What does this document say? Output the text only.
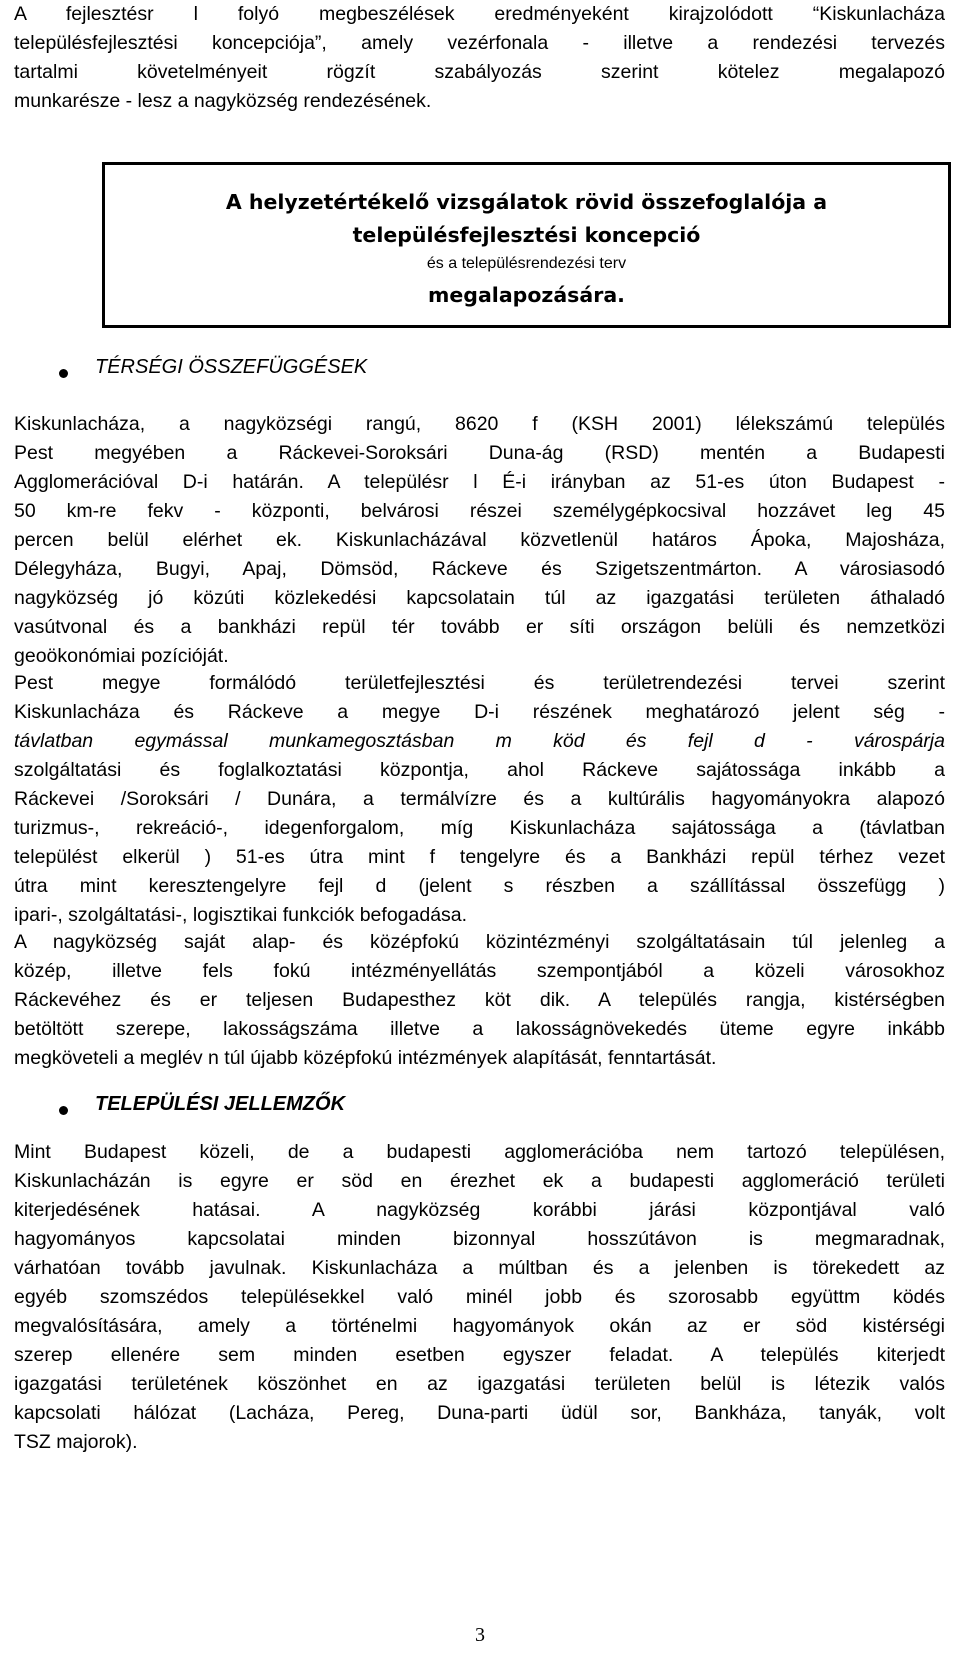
A fejlesztésr l folyó megbeszélések eredményeként kirajzolódott “Kiskunlacháza
településfejlesztési koncepciója”, amely vezérfonala - illetve a rendezési tervezés
tartalmi követelményeit rögzít szabályozás szerint kötelez megalapozó
munkarésze - lesz a nagyközség rendezésének.
A helyzetértékelő vizsgálatok rövid összefoglalója a
településfejlesztési koncepció
és a településrendezési terv
megalapozására.
TÉRSÉGI ÖSSZEFÜGGÉSEK
Kiskunlacháza, a nagyközségi rangú, 8620 f (KSH 2001) lélekszámú település
Pest megyében a Ráckevei-Soroksári Duna-ág (RSD) mentén a Budapesti
Agglomerációval D-i határán. A településr l É-i irányban az 51-es úton Budapest -
50 km-re fekv - központi, belvárosi részei személygépkocsival hozzávet leg 45
percen belül elérhet ek. Kiskunlacházával közvetlenül határos Ápoka, Majosháza,
Délegyháza, Bugyi, Apaj, Dömsöd, Ráckeve és Szigetszentmárton. A városiasodó
nagyközség jó közúti közlekedési kapcsolatain túl az igazgatási területen áthaladó
vasútvonal és a bankházi repül tér tovább er síti országon belüli és nemzetközi
geoökonómiai pozícióját.
Pest megye formálódó területfejlesztési és területrendezési tervei szerint
Kiskunlacháza és Ráckeve a megye D-i részének meghatározó jelent ség -
távlatban egymással munkamegosztásban m köd és fejl d - várospárja
szolgáltatási és foglalkoztatási központja, ahol Ráckeve sajátossága inkább a
Ráckevei /Soroksári / Dunára, a termálvízre és a kultúrális hagyományokra alapozó
turizmus-, rekreáció-, idegenforgalom, míg Kiskunlacháza sajátossága a (távlatban
települést elkerül ) 51-es útra mint f tengelyre és a Bankházi repül térhez vezet
útra mint keresztengelyre fejl d (jelent s részben a szállítással összefügg )
ipari-, szolgáltatási-, logisztikai funkciók befogadása.
A nagyközség saját alap- és középfokú közintézményi szolgáltatásain túl jelenleg a
közép, illetve fels fokú intézményellátás szempontjából a közeli városokhoz
Ráckevéhez és er teljesen Budapesthez köt dik. A település rangja, kistérségben
betöltött szerepe, lakosságszáma illetve a lakosságnövekedés üteme egyre inkább
megköveteli a meglév n túl újabb középfokú intézmények alapítását, fenntartását.
TELEPÜLÉSI JELLEMZŐK
Mint Budapest közeli, de a budapesti agglomerációba nem tartozó településen,
Kiskunlacházán is egyre er söd en érezhet ek a budapesti agglomeráció területi
kiterjedésének hatásai. A nagyközség korábbi járási központjával való
hagyományos kapcsolatai minden bizonnyal hosszútávon is megmaradnak,
várhatóan tovább javulnak. Kiskunlacháza a múltban és a jelenben is törekedett az
egyéb szomszédos településekkel való minél jobb és szorosabb együttm ködés
megvalósítására, amely a történelmi hagyományok okán az er söd kistérségi
szerep ellenére sem minden esetben egyszer feladat. A település kiterjedt
igazgatási területének köszönhet en az igazgatási területen belül is létezik valós
kapcsolati hálózat (Lacháza, Pereg, Duna-parti üdül sor, Bankháza, tanyák, volt
TSZ majorok).
3
